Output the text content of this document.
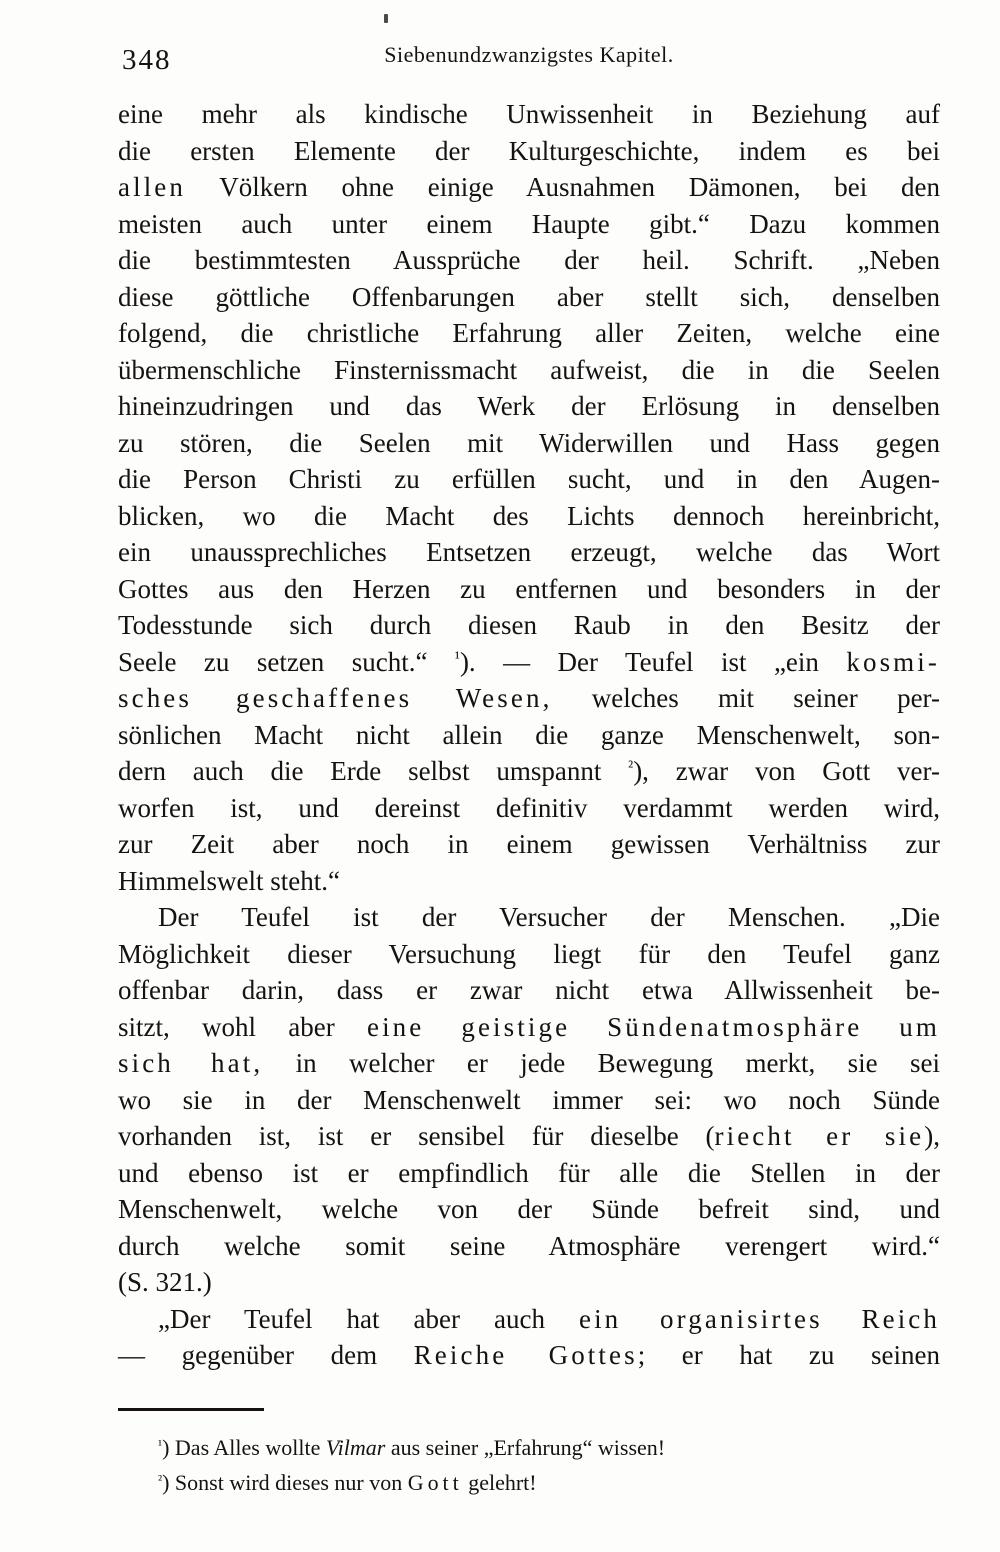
348	Siebenundzwanzigstes Kapitel.
eine mehr als kindische Unwissenheit in Beziehung auf
die ersten Elemente der Kulturgeschichte, indem es bei
allen Völkern ohne einige Ausnahmen Dämonen, bei den
meisten auch unter einem Haupte gibt.“ Dazu kommen
die bestimmtesten Aussprüche der heil. Schrift. „Neben
diese göttliche Offenbarungen aber stellt sich, denselben
folgend, die christliche Erfahrung aller Zeiten, welche eine
übermenschliche Finsternissmacht aufweist, die in die Seelen
hineinzudringen und das Werk der Erlösung in denselben
zu stören, die Seelen mit Widerwillen und Hass gegen
die Person Christi zu erfüllen sucht, und in den Augen-
blicken, wo die Macht des Lichts dennoch hereinbricht,
ein unaussprechliches Entsetzen erzeugt, welche das Wort
Gottes aus den Herzen zu entfernen und besonders in der
Todesstunde sich durch diesen Raub in den Besitz der
Seele zu setzen sucht.“ $^{^1}$). — Der Teufel ist „ein kosmi-
sches geschaffenes Wesen, welches mit seiner per-
sönlichen Macht nicht allein die ganze Menschenwelt, son-
dern auch die Erde selbst umspannt $^{^2}$), zwar von Gott ver-
worfen ist, und dereinst definitiv verdammt werden wird,
zur Zeit aber noch in einem gewissen Verhältniss zur
Himmelswelt steht.“
Der Teufel ist der Versucher der Menschen. „Die
Möglichkeit dieser Versuchung liegt für den Teufel ganz
offenbar darin, dass er zwar nicht etwa Allwissenheit be-
sitzt, wohl aber eine geistige Sündenatmosphäre um
sich hat, in welcher er jede Bewegung merkt, sie sei
wo sie in der Menschenwelt immer sei: wo noch Sünde
vorhanden ist, ist er sensibel für dieselbe (riecht er sie),
und ebenso ist er empfindlich für alle die Stellen in der
Menschenwelt, welche von der Sünde befreit sind, und
durch welche somit seine Atmosphäre verengert wird.“
(S. 321.)
„Der Teufel hat aber auch ein organisirtes Reich
— gegenüber dem Reiche Gottes; er hat zu seinen
$^{^1}$) Das Alles wollte Vilmar aus seiner „Erfahrung“ wissen!
$^{^2}$) Sonst wird dieses nur von Gott gelehrt!
